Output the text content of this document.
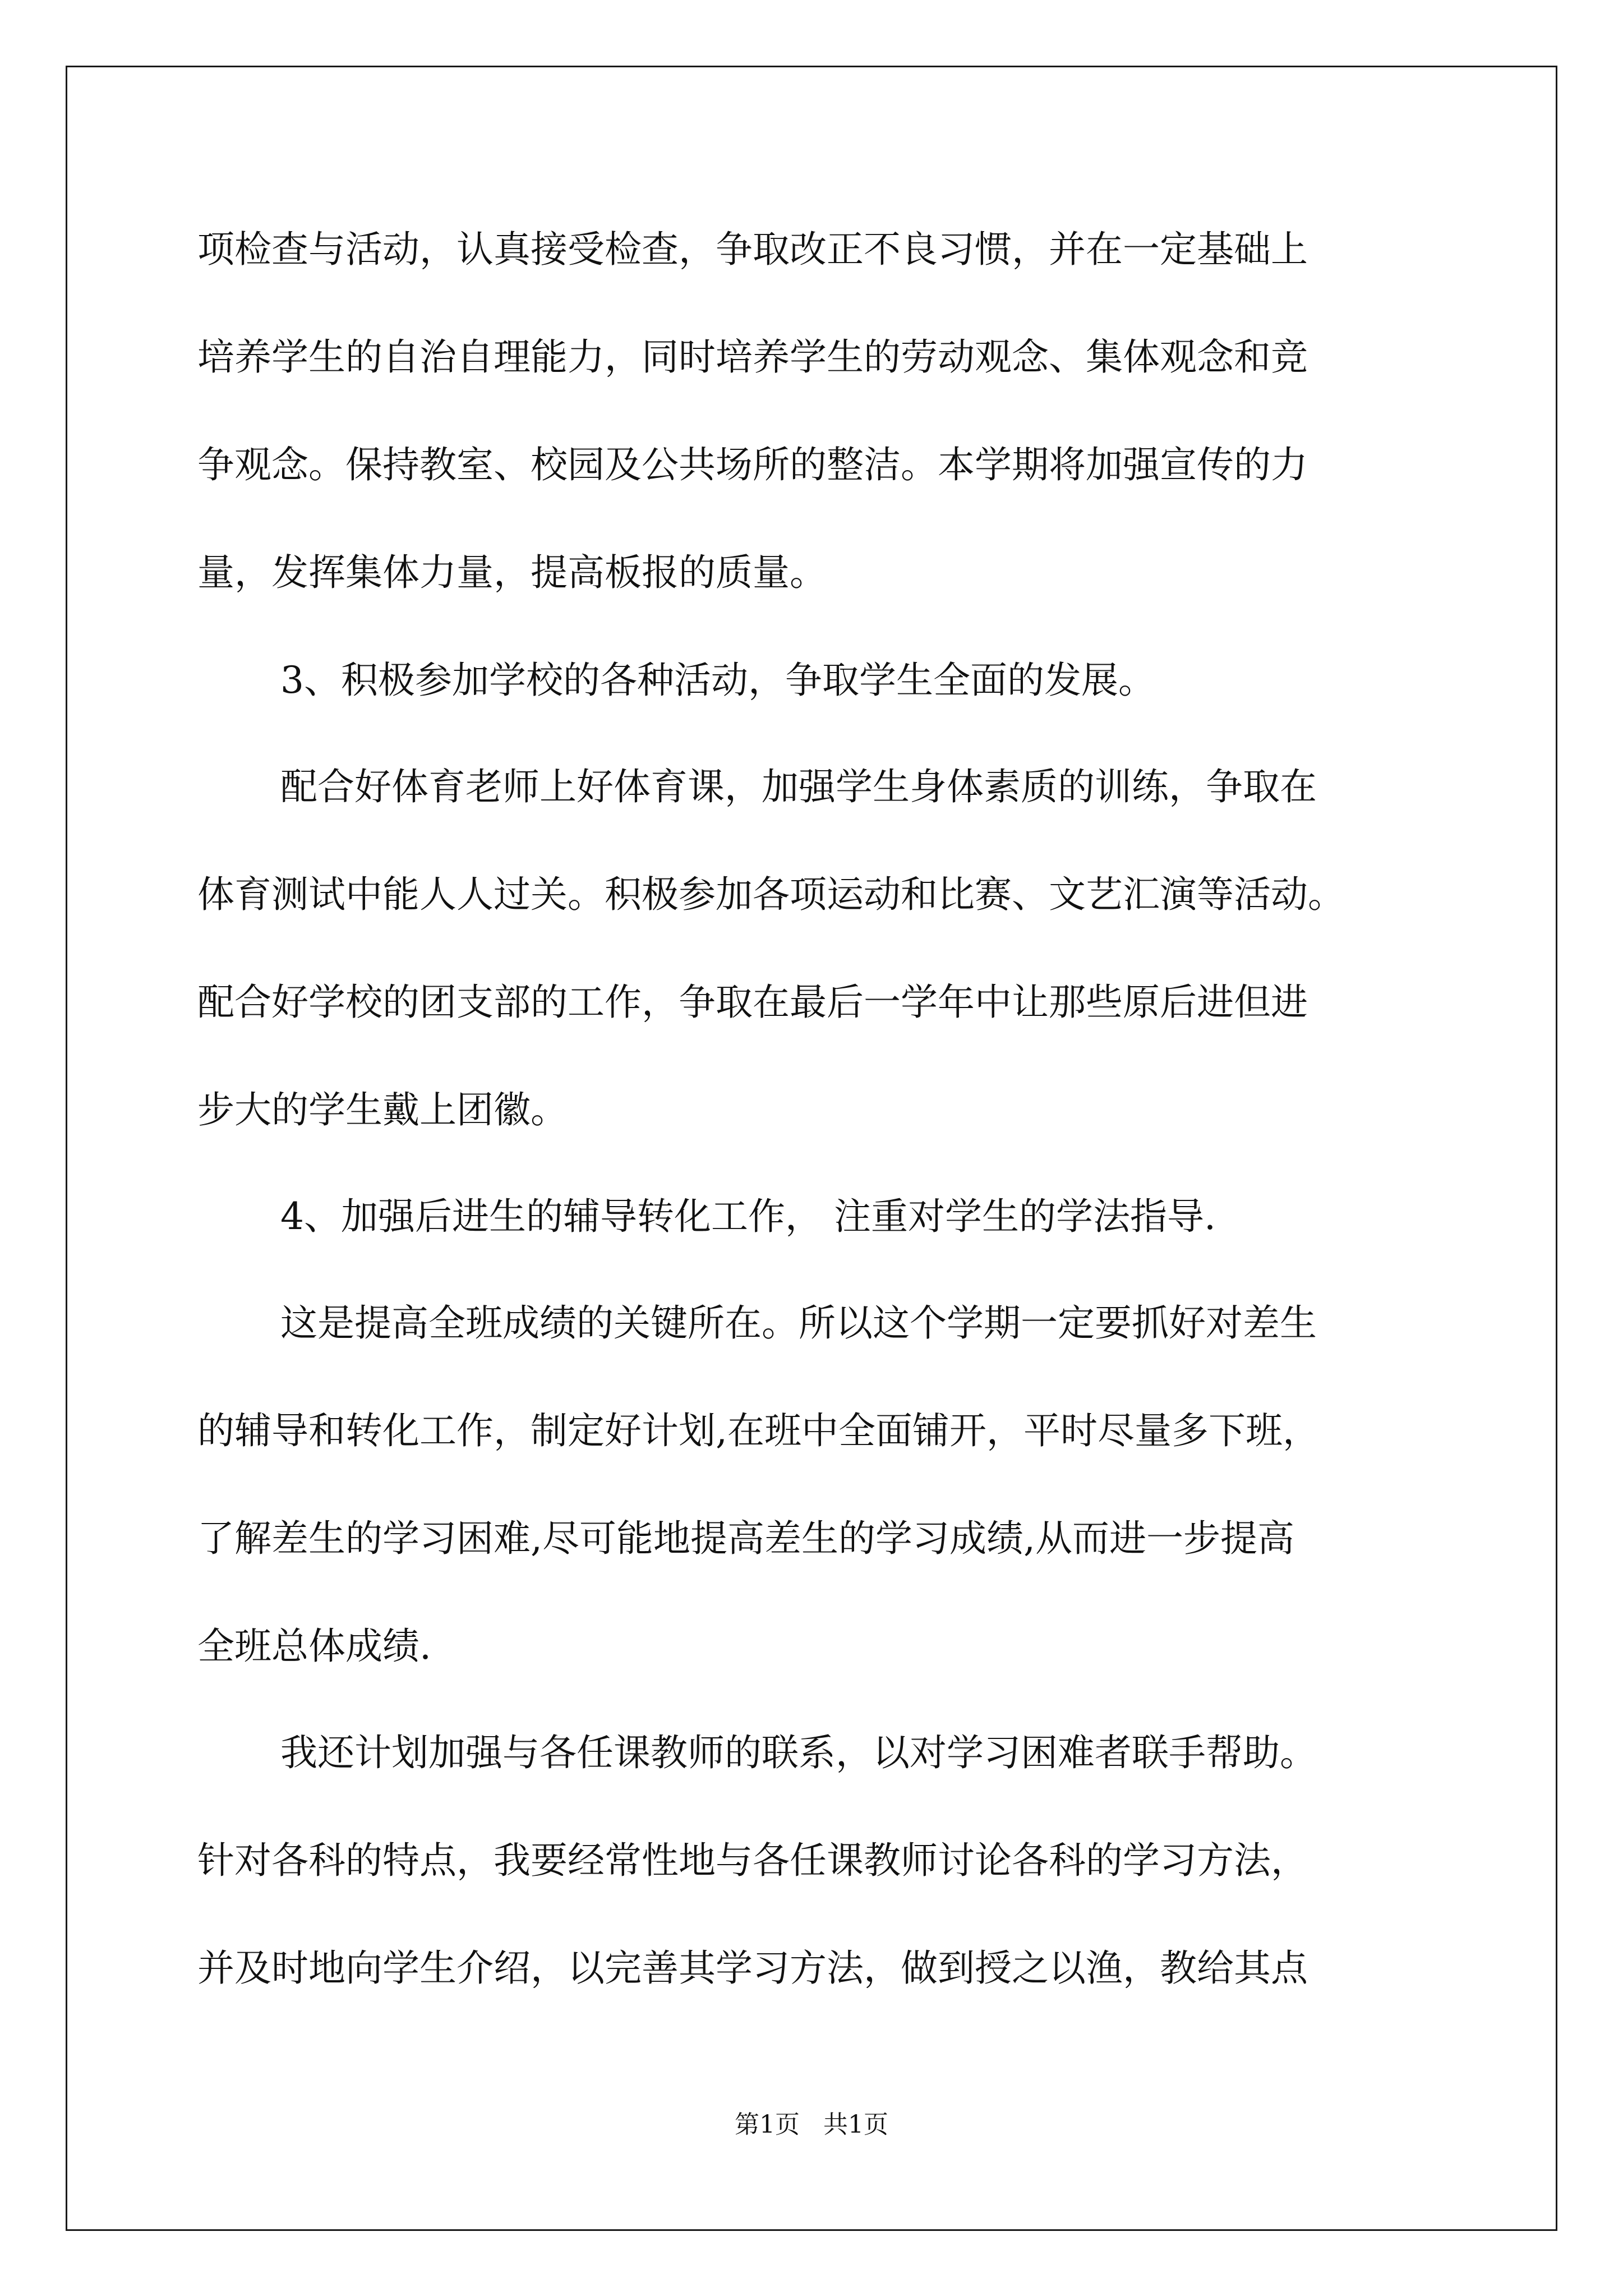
项检查与活动，认真接受检查，争取改正不良习惯，并在一定基础上

培养学生的自治自理能力，同时培养学生的劳动观念、集体观念和竞

争观念。保持教室、校园及公共场所的整洁。本学期将加强宣传的力

量，发挥集体力量，提高板报的质量。

3、积极参加学校的各种活动，争取学生全面的发展。

配合好体育老师上好体育课，加强学生身体素质的训练，争取在

体育测试中能人人过关。积极参加各项运动和比赛、文艺汇演等活动。

配合好学校的团支部的工作，争取在最后一学年中让那些原后进但进

步大的学生戴上团徽。

4、加强后进生的辅导转化工作， 注重对学生的学法指导.

这是提高全班成绩的关键所在。所以这个学期一定要抓好对差生

的辅导和转化工作，制定好计划,在班中全面铺开，平时尽量多下班，

了解差生的学习困难,尽可能地提高差生的学习成绩,从而进一步提高

全班总体成绩.

我还计划加强与各任课教师的联系，以对学习困难者联手帮助。

针对各科的特点，我要经常性地与各任课教师讨论各科的学习方法，

并及时地向学生介绍，以完善其学习方法，做到授之以渔，教给其点

第1页   共1页
